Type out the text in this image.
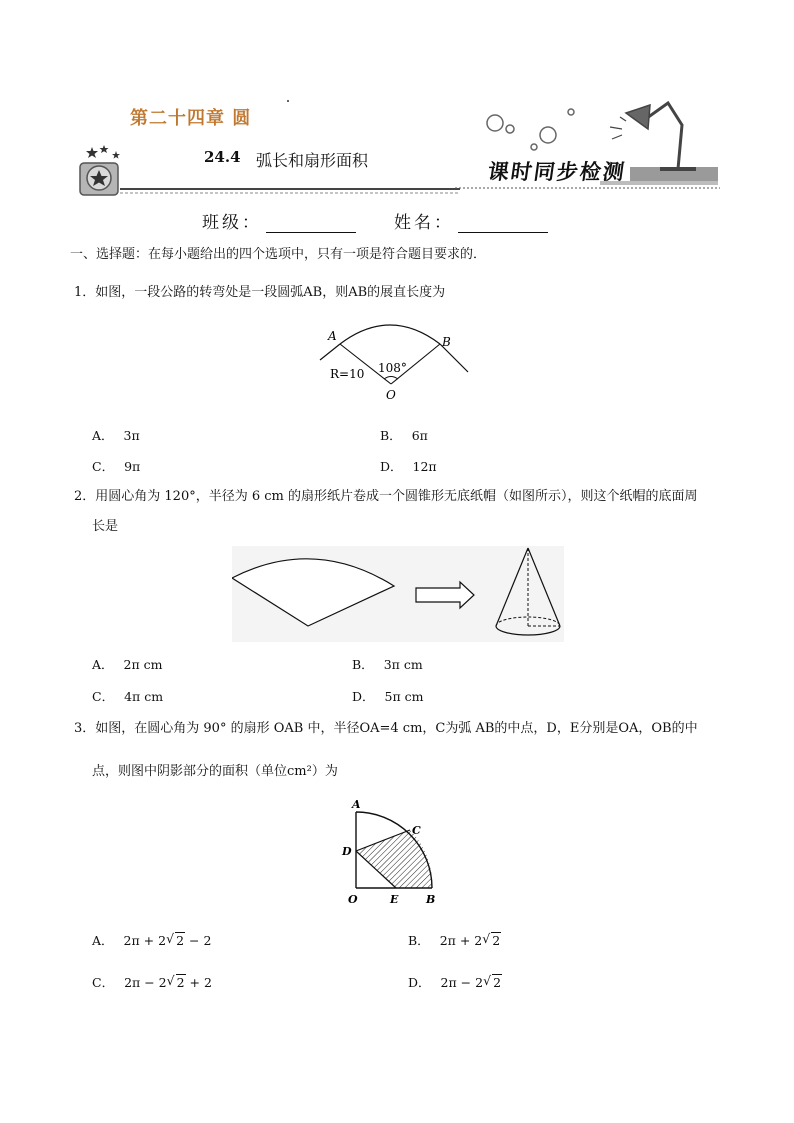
第二十四章 圆
24.4 弧长和扇形面积	课时同步检测
班级：	姓名：
一、选择题：在每小题给出的四个选项中，只有一项是符合题目要求的．
1．如图，一段公路的转弯处是一段圆弧AB，则AB的展直长度为
A	B
O
R=10 108°
A． 3π	B． 6π
C． 9π	D． 12π
2．用圆心角为 120°，半径为 6 cm 的扇形纸片卷成一个圆锥形无底纸帽（如图所示），则这个纸帽的底面周
长是
A． 2π cm	B． 3π cm
C． 4π cm	D． 5π cm
3．如图，在圆心角为 90° 的扇形 OAB 中，半径OA=4 cm，C为弧 AB的中点，D，E分别是OA，OB的中
点，则图中阴影部分的面积（单位cm²）为
A
C
D
O	E	B
A． 2π + 2 √ 2 − 2	B． 2π + 2 √ 2
C． 2π − 2 √ 2 + 2	D． 2π − 2 √ 2
